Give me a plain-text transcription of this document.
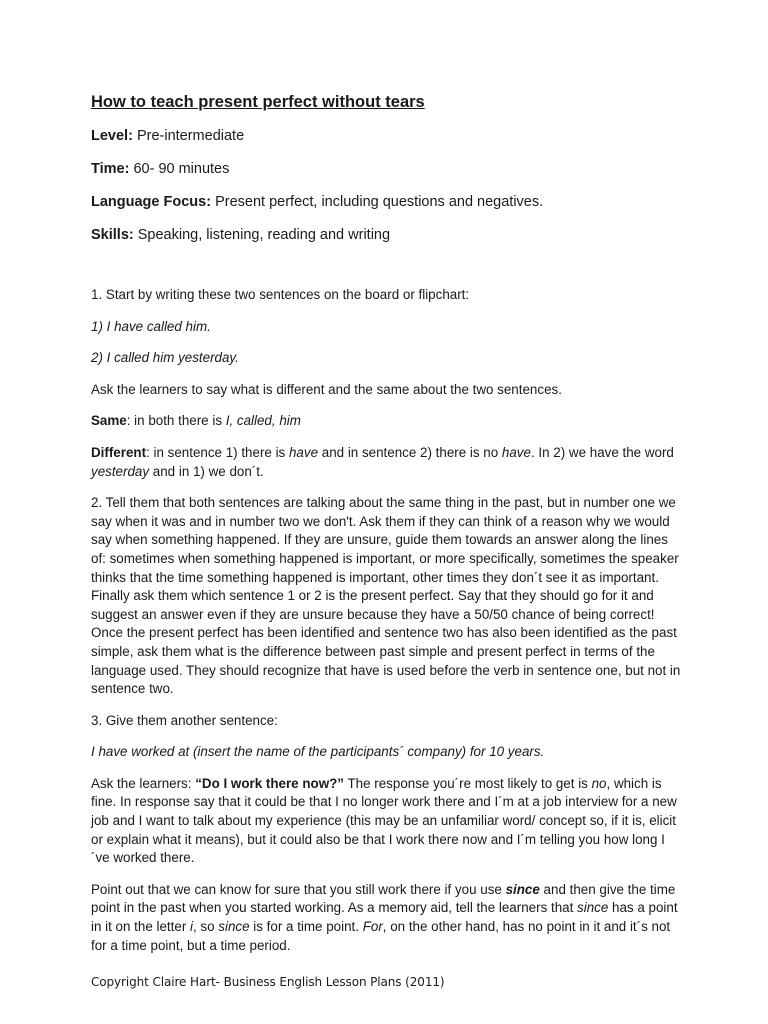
How to teach present perfect without tears
Level: Pre-intermediate
Time: 60- 90 minutes
Language Focus: Present perfect, including questions and negatives.
Skills: Speaking, listening, reading and writing
1. Start by writing these two sentences on the board or flipchart:
1) I have called him.
2) I called him yesterday.
Ask the learners to say what is different and the same about the two sentences.
Same: in both there is I, called, him
Different: in sentence 1) there is have and in sentence 2) there is no have. In 2) we have the word yesterday and in 1) we don´t.
2. Tell them that both sentences are talking about the same thing in the past, but in number one we say when it was and in number two we don't. Ask them if they can think of a reason why we would say when something happened. If they are unsure, guide them towards an answer along the lines of: sometimes when something happened is important, or more specifically, sometimes the speaker thinks that the time something happened is important, other times they don´t see it as important. Finally ask them which sentence 1 or 2 is the present perfect. Say that they should go for it and suggest an answer even if they are unsure because they have a 50/50 chance of being correct! Once the present perfect has been identified and sentence two has also been identified as the past simple, ask them what is the difference between past simple and present perfect in terms of the language used. They should recognize that have is used before the verb in sentence one, but not in sentence two.
3. Give them another sentence:
I have worked at (insert the name of the participants´ company) for 10 years.
Ask the learners: “Do I work there now?” The response you´re most likely to get is no, which is fine. In response say that it could be that I no longer work there and I´m at a job interview for a new job and I want to talk about my experience (this may be an unfamiliar word/ concept so, if it is, elicit or explain what it means), but it could also be that I work there now and I´m telling you how long I´ve worked there.
Point out that we can know for sure that you still work there if you use since and then give the time point in the past when you started working. As a memory aid, tell the learners that since has a point in it on the letter i, so since is for a time point. For, on the other hand, has no point in it and it´s not for a time point, but a time period.
Copyright Claire Hart- Business English Lesson Plans (2011)
